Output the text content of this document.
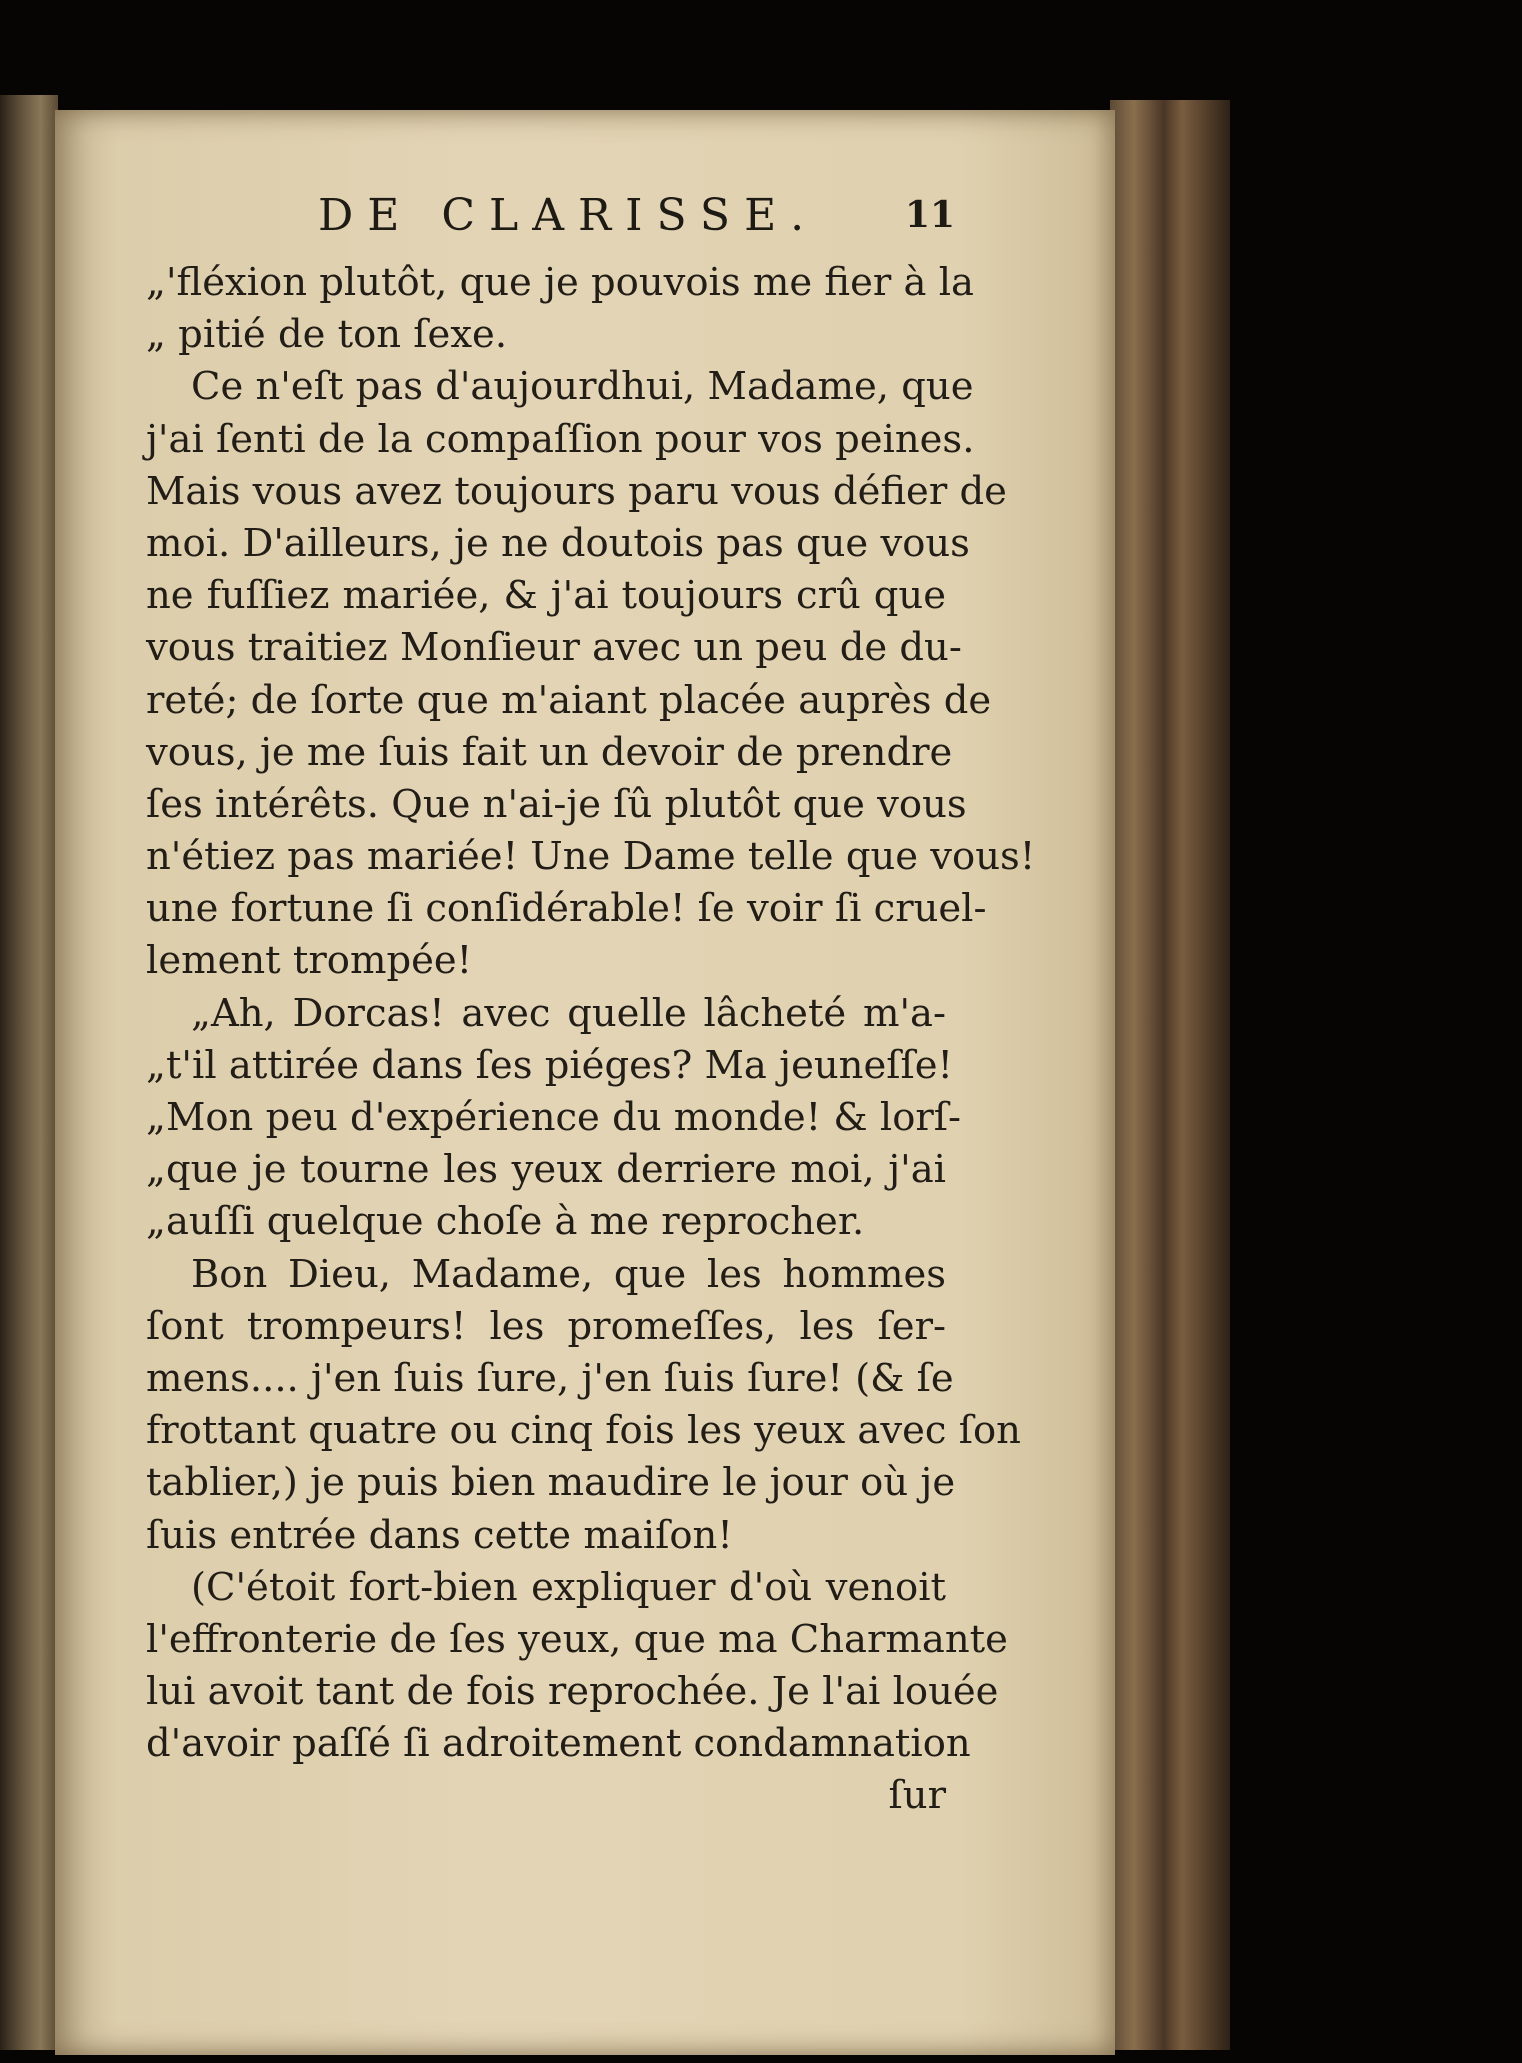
DE CLARISSE. 11
„'fléxion plutôt, que je pouvois me fier à la
„ pitié de ton ſexe.
Ce n'eſt pas d'aujourdhui, Madame, que
j'ai ſenti de la compaſſion pour vos peines.
Mais vous avez toujours paru vous défier de
moi. D'ailleurs, je ne doutois pas que vous
ne fuſſiez mariée, & j'ai toujours crû que
vous traitiez Monſieur avec un peu de du-
reté; de ſorte que m'aiant placée auprès de
vous, je me ſuis fait un devoir de prendre
ſes intérêts. Que n'ai-je ſû plutôt que vous
n'étiez pas mariée! Une Dame telle que vous!
une fortune ſi conſidérable! ſe voir ſi cruel-
lement trompée!
„Ah, Dorcas! avec quelle lâcheté m'a-
„t'il attirée dans ſes piéges? Ma jeuneſſe!
„Mon peu d'expérience du monde! & lorſ-
„que je tourne les yeux derriere moi, j'ai
„auſſi quelque choſe à me reprocher.
Bon Dieu, Madame, que les hommes
ſont trompeurs! les promeſſes, les ſer-
mens.... j'en ſuis ſure, j'en ſuis ſure! (& ſe
frottant quatre ou cinq fois les yeux avec ſon
tablier,) je puis bien maudire le jour où je
ſuis entrée dans cette maiſon!
(C'étoit fort-bien expliquer d'où venoit
l'effronterie de ſes yeux, que ma Charmante
lui avoit tant de fois reprochée. Je l'ai louée
d'avoir paſſé ſi adroitement condamnation
ſur
